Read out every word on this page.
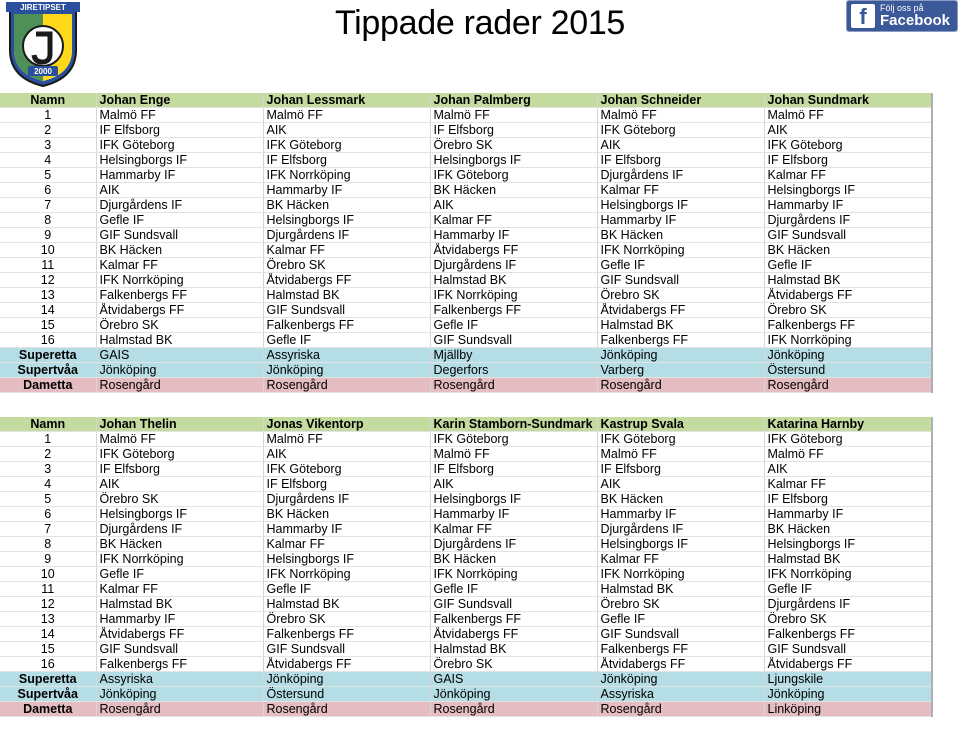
JIRETIPSET
2000
Tippade rader 2015	f	Följ oss på
Facebook
Namn	Johan Enge	Johan Lessmark	Johan Palmberg	Johan Schneider	Johan Sundmark
1	Malmö FF	Malmö FF	Malmö FF	Malmö FF	Malmö FF
2	IF Elfsborg	AIK	IF Elfsborg	IFK Göteborg	AIK
3	IFK Göteborg	IFK Göteborg	Örebro SK	AIK	IFK Göteborg
4	Helsingborgs IF	IF Elfsborg	Helsingborgs IF	IF Elfsborg	IF Elfsborg
5	Hammarby IF	IFK Norrköping	IFK Göteborg	Djurgårdens IF	Kalmar FF
6	AIK	Hammarby IF	BK Häcken	Kalmar FF	Helsingborgs IF
7	Djurgårdens IF	BK Häcken	AIK	Helsingborgs IF	Hammarby IF
8	Gefle IF	Helsingborgs IF	Kalmar FF	Hammarby IF	Djurgårdens IF
9	GIF Sundsvall	Djurgårdens IF	Hammarby IF	BK Häcken	GIF Sundsvall
10	BK Häcken	Kalmar FF	Åtvidabergs FF	IFK Norrköping	BK Häcken
11	Kalmar FF	Örebro SK	Djurgårdens IF	Gefle IF	Gefle IF
12	IFK Norrköping	Åtvidabergs FF	Halmstad BK	GIF Sundsvall	Halmstad BK
13	Falkenbergs FF	Halmstad BK	IFK Norrköping	Örebro SK	Åtvidabergs FF
14	Åtvidabergs FF	GIF Sundsvall	Falkenbergs FF	Åtvidabergs FF	Örebro SK
15	Örebro SK	Falkenbergs FF	Gefle IF	Halmstad BK	Falkenbergs FF
16	Halmstad BK	Gefle IF	GIF Sundsvall	Falkenbergs FF	IFK Norrköping
Superetta	GAIS	Assyriska	Mjällby	Jönköping	Jönköping
Supertvåa	Jönköping	Jönköping	Degerfors	Varberg	Östersund
Dametta	Rosengård	Rosengård	Rosengård	Rosengård	Rosengård
Namn	Johan Thelin	Jonas Vikentorp	Karin Stamborn-Sundmark	Kastrup Svala	Katarina Harnby
1	Malmö FF	Malmö FF	IFK Göteborg	IFK Göteborg	IFK Göteborg
2	IFK Göteborg	AIK	Malmö FF	Malmö FF	Malmö FF
3	IF Elfsborg	IFK Göteborg	IF Elfsborg	IF Elfsborg	AIK
4	AIK	IF Elfsborg	AIK	AIK	Kalmar FF
5	Örebro SK	Djurgårdens IF	Helsingborgs IF	BK Häcken	IF Elfsborg
6	Helsingborgs IF	BK Häcken	Hammarby IF	Hammarby IF	Hammarby IF
7	Djurgårdens IF	Hammarby IF	Kalmar FF	Djurgårdens IF	BK Häcken
8	BK Häcken	Kalmar FF	Djurgårdens IF	Helsingborgs IF	Helsingborgs IF
9	IFK Norrköping	Helsingborgs IF	BK Häcken	Kalmar FF	Halmstad BK
10	Gefle IF	IFK Norrköping	IFK Norrköping	IFK Norrköping	IFK Norrköping
11	Kalmar FF	Gefle IF	Gefle IF	Halmstad BK	Gefle IF
12	Halmstad BK	Halmstad BK	GIF Sundsvall	Örebro SK	Djurgårdens IF
13	Hammarby IF	Örebro SK	Falkenbergs FF	Gefle IF	Örebro SK
14	Åtvidabergs FF	Falkenbergs FF	Åtvidabergs FF	GIF Sundsvall	Falkenbergs FF
15	GIF Sundsvall	GIF Sundsvall	Halmstad BK	Falkenbergs FF	GIF Sundsvall
16	Falkenbergs FF	Åtvidabergs FF	Örebro SK	Åtvidabergs FF	Åtvidabergs FF
Superetta	Assyriska	Jönköping	GAIS	Jönköping	Ljungskile
Supertvåa	Jönköping	Östersund	Jönköping	Assyriska	Jönköping
Dametta	Rosengård	Rosengård	Rosengård	Rosengård	Linköping
